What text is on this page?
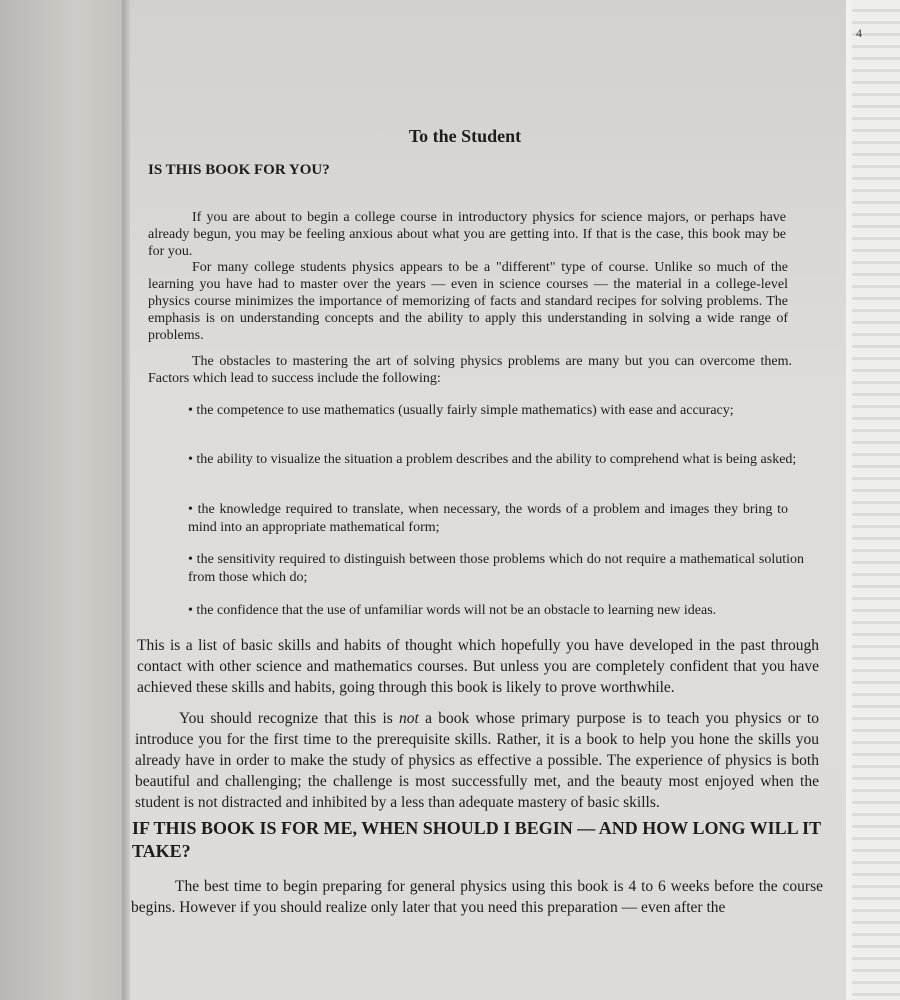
4
To the Student
IS THIS BOOK FOR YOU?
If you are about to begin a college course in introductory physics for science majors, or perhaps have already begun, you may be feeling anxious about what you are getting into. If that is the case, this book may be for you.
For many college students physics appears to be a "different" type of course. Unlike so much of the learning you have had to master over the years — even in science courses — the material in a college-level physics course minimizes the importance of memorizing of facts and standard recipes for solving problems. The emphasis is on understanding concepts and the ability to apply this understanding in solving a wide range of problems.
The obstacles to mastering the art of solving physics problems are many but you can overcome them. Factors which lead to success include the following:
• the competence to use mathematics (usually fairly simple mathematics) with ease and accuracy;
• the ability to visualize the situation a problem describes and the ability to comprehend what is being asked;
• the knowledge required to translate, when necessary, the words of a problem and images they bring to mind into an appropriate mathematical form;
• the sensitivity required to distinguish between those problems which do not require a mathematical solution from those which do;
• the confidence that the use of unfamiliar words will not be an obstacle to learning new ideas.
This is a list of basic skills and habits of thought which hopefully you have developed in the past through contact with other science and mathematics courses. But unless you are completely confident that you have achieved these skills and habits, going through this book is likely to prove worthwhile.
You should recognize that this is not a book whose primary purpose is to teach you physics or to introduce you for the first time to the prerequisite skills. Rather, it is a book to help you hone the skills you already have in order to make the study of physics as effective a possible. The experience of physics is both beautiful and challenging; the challenge is most successfully met, and the beauty most enjoyed when the student is not distracted and inhibited by a less than adequate mastery of basic skills.
IF THIS BOOK IS FOR ME, WHEN SHOULD I BEGIN — AND HOW LONG WILL IT TAKE?
The best time to begin preparing for general physics using this book is 4 to 6 weeks before the course begins. However if you should realize only later that you need this preparation — even after the
